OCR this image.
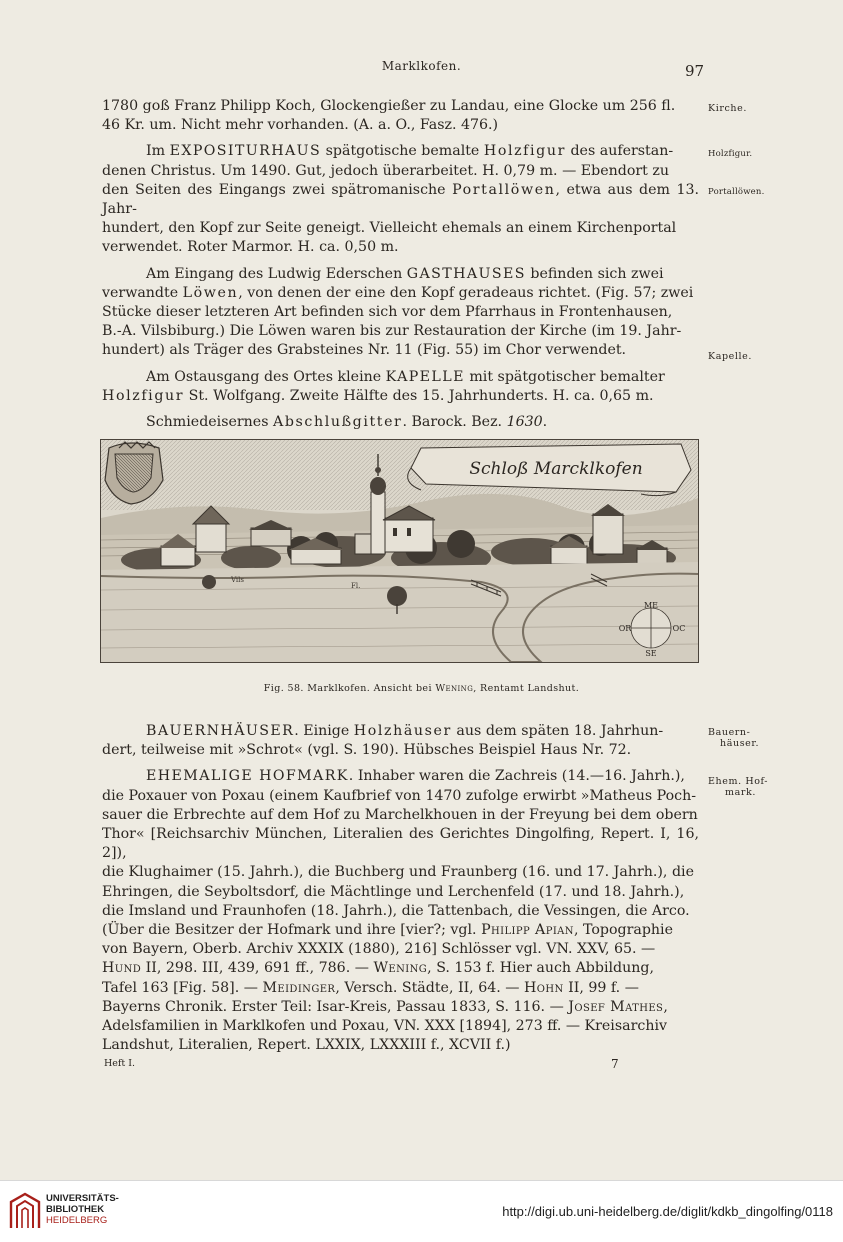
Marklkofen.	97

1780 goß Franz Philipp Koch, Glockengießer zu Landau, eine Glocke um 256 fl.
46 Kr. um. Nicht mehr vorhanden. (A. a. O., Fasz. 476.)

Im EXPOSITURHAUS spätgotische bemalte Holzfigur des auferstan-
denen Christus. Um 1490. Gut, jedoch überarbeitet. H. 0,79 m. — Ebendort zu
den Seiten des Eingangs zwei spätromanische Portallöwen, etwa aus dem 13. Jahr-
hundert, den Kopf zur Seite geneigt. Vielleicht ehemals an einem Kirchenportal
verwendet. Roter Marmor. H. ca. 0,50 m.

Am Eingang des Ludwig Ederschen GASTHAUSES befinden sich zwei
verwandte Löwen, von denen der eine den Kopf geradeaus richtet. (Fig. 57; zwei
Stücke dieser letzteren Art befinden sich vor dem Pfarrhaus in Frontenhausen,
B.-A. Vilsbiburg.) Die Löwen waren bis zur Restauration der Kirche (im 19. Jahr-
hundert) als Träger des Grabsteines Nr. 11 (Fig. 55) im Chor verwendet.

Am Ostausgang des Ortes kleine KAPELLE mit spätgotischer bemalter
Holzfigur St. Wolfgang. Zweite Hälfte des 15. Jahrhunderts. H. ca. 0,65 m.

Schmiedeisernes Abschlußgitter. Barock. Bez. 1630.

Kirche.
Holzfigur.
Portallöwen.
Kapelle.
Schloß Marcklkofen
Vils
Fl.
ME
OR	OC
SE
Fig. 58. Marklkofen. Ansicht bei Wening, Rentamt Landshut.

BAUERNHÄUSER. Einige Holzhäuser aus dem späten 18. Jahrhun-
dert, teilweise mit »Schrot« (vgl. S. 190). Hübsches Beispiel Haus Nr. 72.

EHEMALIGE HOFMARK. Inhaber waren die Zachreis (14.—16. Jahrh.),
die Poxauer von Poxau (einem Kaufbrief von 1470 zufolge erwirbt »Matheus Poch-
sauer die Erbrechte auf dem Hof zu Marchelkhouen in der Freyung bei dem obern
Thor« [Reichsarchiv München, Literalien des Gerichtes Dingolfing, Repert. I, 16, 2]),
die Klughaimer (15. Jahrh.), die Buchberg und Fraunberg (16. und 17. Jahrh.), die
Ehringen, die Seyboltsdorf, die Mächtlinge und Lerchenfeld (17. und 18. Jahrh.),
die Imsland und Fraunhofen (18. Jahrh.), die Tattenbach, die Vessingen, die Arco.
(Über die Besitzer der Hofmark und ihre [vier?; vgl. Philipp Apian, Topographie
von Bayern, Oberb. Archiv XXXIX (1880), 216] Schlösser vgl. VN. XXV, 65. —
Hund II, 298. III, 439, 691 ff., 786. — Wening, S. 153 f. Hier auch Abbildung,
Tafel 163 [Fig. 58]. — Meidinger, Versch. Städte, II, 64. — Hohn II, 99 f. —
Bayerns Chronik. Erster Teil: Isar-Kreis, Passau 1833, S. 116. — Josef Mathes,
Adelsfamilien in Marklkofen und Poxau, VN. XXX [1894], 273 ff. — Kreisarchiv
Landshut, Literalien, Repert. LXXIX, LXXXIII f., XCVII f.)

Bauern-
häuser.
Ehem. Hof-
mark.
Heft I.	7
UNIVERSITÄTS-
BIBLIOTHEK
HEIDELBERG
http://digi.ub.uni-heidelberg.de/diglit/kdkb_dingolfing/0118
